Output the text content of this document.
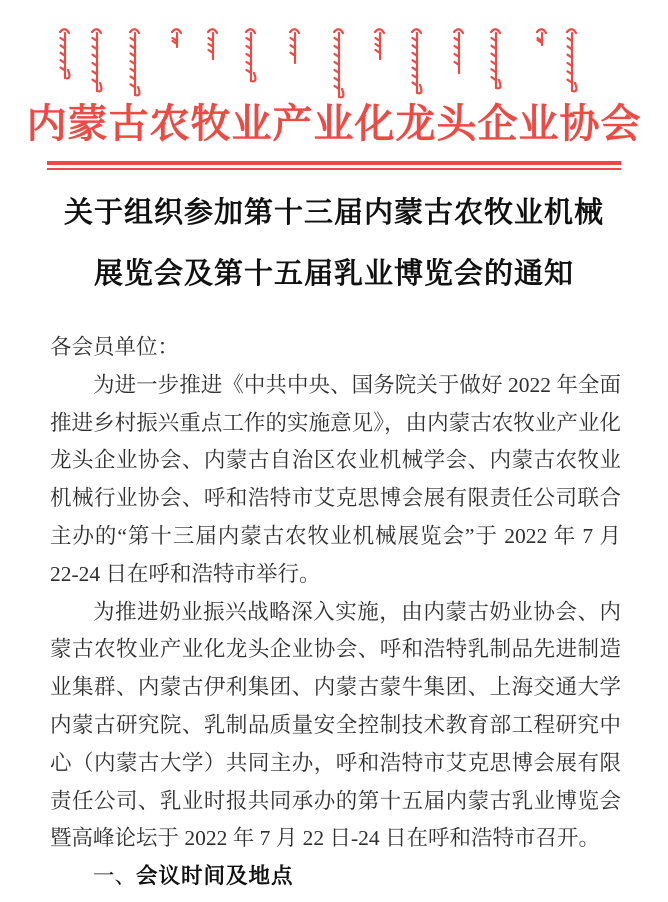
内蒙古农牧业产业化龙头企业协会
关于组织参加第十三届内蒙古农牧业机械
展览会及第十五届乳业博览会的通知

各会员单位：

为进一步推进《中共中央、国务院关于做好 2022 年全面推进乡村振兴重点工作的实施意见》，由内蒙古农牧业产业化龙头企业协会、内蒙古自治区农业机械学会、内蒙古农牧业机械行业协会、呼和浩特市艾克思博会展有限责任公司联合主办的“第十三届内蒙古农牧业机械展览会”于 2022 年 7 月 22-24 日在呼和浩特市举行。

为推进奶业振兴战略深入实施，由内蒙古奶业协会、内蒙古农牧业产业化龙头企业协会、呼和浩特乳制品先进制造业集群、内蒙古伊利集团、内蒙古蒙牛集团、上海交通大学内蒙古研究院、乳制品质量安全控制技术教育部工程研究中心（内蒙古大学）共同主办，呼和浩特市艾克思博会展有限责任公司、乳业时报共同承办的第十五届内蒙古乳业博览会暨高峰论坛于 2022 年 7 月 22 日-24 日在呼和浩特市召开。

一、会议时间及地点
